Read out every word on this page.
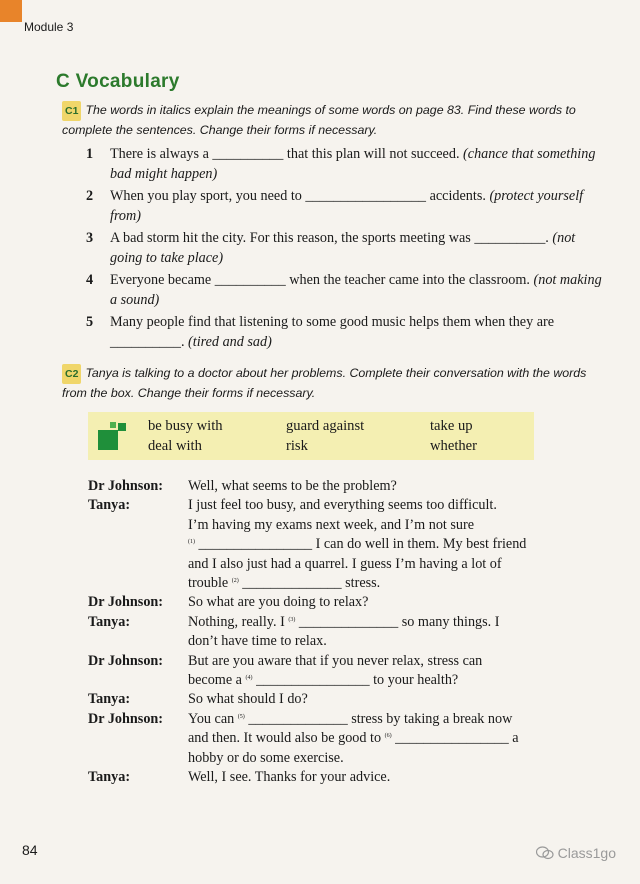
Module 3
C Vocabulary
C1 The words in italics explain the meanings of some words on page 83. Find these words to complete the sentences. Change their forms if necessary.
1	There is always a __________ that this plan will not succeed. (chance that something bad might happen)
2	When you play sport, you need to _________________ accidents. (protect yourself from)
3	A bad storm hit the city. For this reason, the sports meeting was __________. (not going to take place)
4	Everyone became __________ when the teacher came into the classroom. (not making a sound)
5	Many people find that listening to some good music helps them when they are __________. (tired and sad)
C2 Tanya is talking to a doctor about her problems. Complete their conversation with the words from the box. Change their forms if necessary.
be busy with	guard against	take up
deal with	risk	whether
Dr Johnson:	Well, what seems to be the problem?
Tanya:	I just feel too busy, and everything seems too difficult.
I’m having my exams next week, and I’m not sure
$^{(1)}$ ________________ I can do well in them. My best friend
and I also just had a quarrel. I guess I’m having a lot of
trouble $^{(2)}$ ______________ stress.
Dr Johnson:	So what are you doing to relax?
Tanya:	Nothing, really. I $^{(3)}$ ______________ so many things. I
don’t have time to relax.
Dr Johnson:	But are you aware that if you never relax, stress can
become a $^{(4)}$ ________________ to your health?
Tanya:	So what should I do?
Dr Johnson:	You can $^{(5)}$ ______________ stress by taking a break now
and then. It would also be good to $^{(6)}$ ________________ a
hobby or do some exercise.
Tanya:	Well, I see. Thanks for your advice.
84	Class1go
